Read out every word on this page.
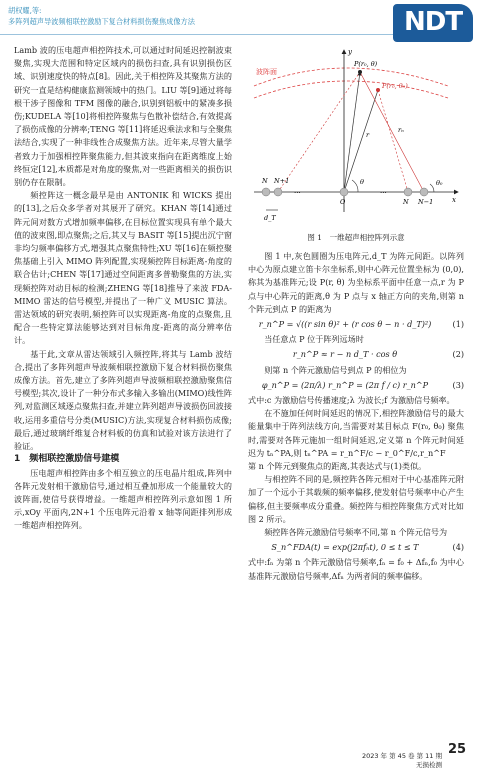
胡权耀,等:
多阵列超声导波频相联控激励下复合材料损伤聚焦成像方法	NDT

Lamb 波的压电超声相控阵技术,可以通过时间延迟控制波束聚焦,实现大范围和特定区域内的损伤扫查,具有识别损伤区域、识别速度快的特点[8]。因此,关于相控阵及其聚焦方法的研究一直是结构健康监测领域中的热门。LIU 等[9]通过将每根干涉子图像和 TFM 图像的融合,识别到铝板中的紧凑多损伤;KUDELA 等[10]将相控阵聚焦与色散补偿结合,有效提高了损伤成像的分辨率;TENG 等[11]将延迟乘法求和与全聚焦法结合,实现了一种非线性合成聚焦方法。近年来,尽管大量学者致力于加强相控阵聚焦能力,但其波束指向在距离维度上始终恒定[12],本质都是对角度的聚焦,对一些距离相关的损伤识别仍存在限制。

频控阵这一概念最早是由 ANTONIK 和 WICKS 提出的[13],之后众多学者对其展开了研究。KHAN 等[14]通过阵元间对数方式增加频率偏移,在目标位置实现具有单个最大值的波束图,即点聚焦;之后,其又与 BASIT 等[15]提出沉宁窗非均匀频率偏移方式,增强其点聚焦特性;XU 等[16]在频控聚焦基础上引入 MIMO 阵列配置,实现频控阵目标距离-角度的联合估计;CHEN 等[17]通过空间距离多普勒聚焦的方法,实现频控阵对动目标的检测;ZHENG 等[18]推导了来波 FDA-MIMO 雷达的信号模型,并提出了一种广义 MUSIC 算法。雷达领域的研究表明,频控阵可以实现距离-角度的点聚焦,且配合一些特定算法能够达到对目标角度-距离的高分辨率估计。

基于此,文章从雷达领域引入频控阵,将其与 Lamb 波结合,提出了多阵列超声导波频相联控激励下复合材料损伤聚焦成像方法。首先,建立了多阵列超声导波频相联控激励聚焦信号模型;其次,设计了一种分布式多输入多输出(MIMO)线性阵列,对监测区域逐点聚焦扫查,并建立阵列超声导波损伤回波接收,运用多重信号分类(MUSIC)方法,实现复合材料损伤成像;最后,通过玻璃纤维复合材料板的仿真和试验对该方法进行了验证。

1　频相联控激励信号建模

压电超声相控阵由多个相互独立的压电晶片组成,阵列中各阵元发射相干激励信号,通过相互叠加形成一个能量较大的波阵面,使信号获得增益。一维超声相控阵列示意如图 1 所示,xOy 平面内,2N+1 个压电阵元沿着 x 轴等间距排列形成一维超声相控阵列。

波阵面
y
x
P(r₀, θ)
P(r₀, θ₀)
r
rₙ
θ	θ₀
···	···
N N+1
O	N N−1
d_T
图 1　一维超声相控阵列示意

图 1 中,灰色圆圈为压电阵元,d_T 为阵元间距。以阵列中心为原点建立笛卡尔坐标系,则中心阵元位置坐标为 (0,0),称其为基准阵元;设 P(r, θ) 为坐标系平面中任意一点,r 为 P 点与中心阵元的距离,θ 为 P 点与 x 轴正方向的夹角,则第 n 个阵元到点 P 的距离为

r_n^P = √((r sin θ)² + (r cos θ − n · d_T)²)	(1)

当任意点 P 位于阵列远场时

r_n^P ≈ r − n d_T · cos θ	(2)

则第 n 个阵元激励信号到点 P 的相位为

φ_n^P = (2π/λ) r_n^P = (2π f / c) r_n^P	(3)

式中:c 为激励信号传播速度;λ 为波长;f 为激励信号频率。

在不施加任何时间延迟的情况下,相控阵激励信号的最大能量集中于阵列法线方向,当需要对某目标点 F(r₀, θ₀) 聚焦时,需要对各阵元施加一组时间延迟,定义第 n 个阵元时间延迟为 tₙ^PA,则 tₙ^PA = r_n^F/c − r_0^F/c,r_n^F

第 n 个阵元到聚焦点的距离,其表达式与(1)类似。

与相控阵不同的是,频控阵各阵元相对于中心基准阵元附加了一个远小于其载频的频率偏移,使发射信号频率中心产生偏移,但主要频率成分重叠。频控阵与相控阵聚焦方式对比如图 2 所示。

频控阵各阵元激励信号频率不同,第 n 个阵元信号为

S_n^FDA(t) = exp(j2πfₙt), 0 ≤ t ≤ T	(4)

式中:fₙ 为第 n 个阵元激励信号频率,fₙ = f₀ + Δfₙ,f₀ 为中心基准阵元激励信号频率,Δfₙ 为两者间的频率偏移。

25
2023 年 第 45 卷 第 11 期
无损检测
